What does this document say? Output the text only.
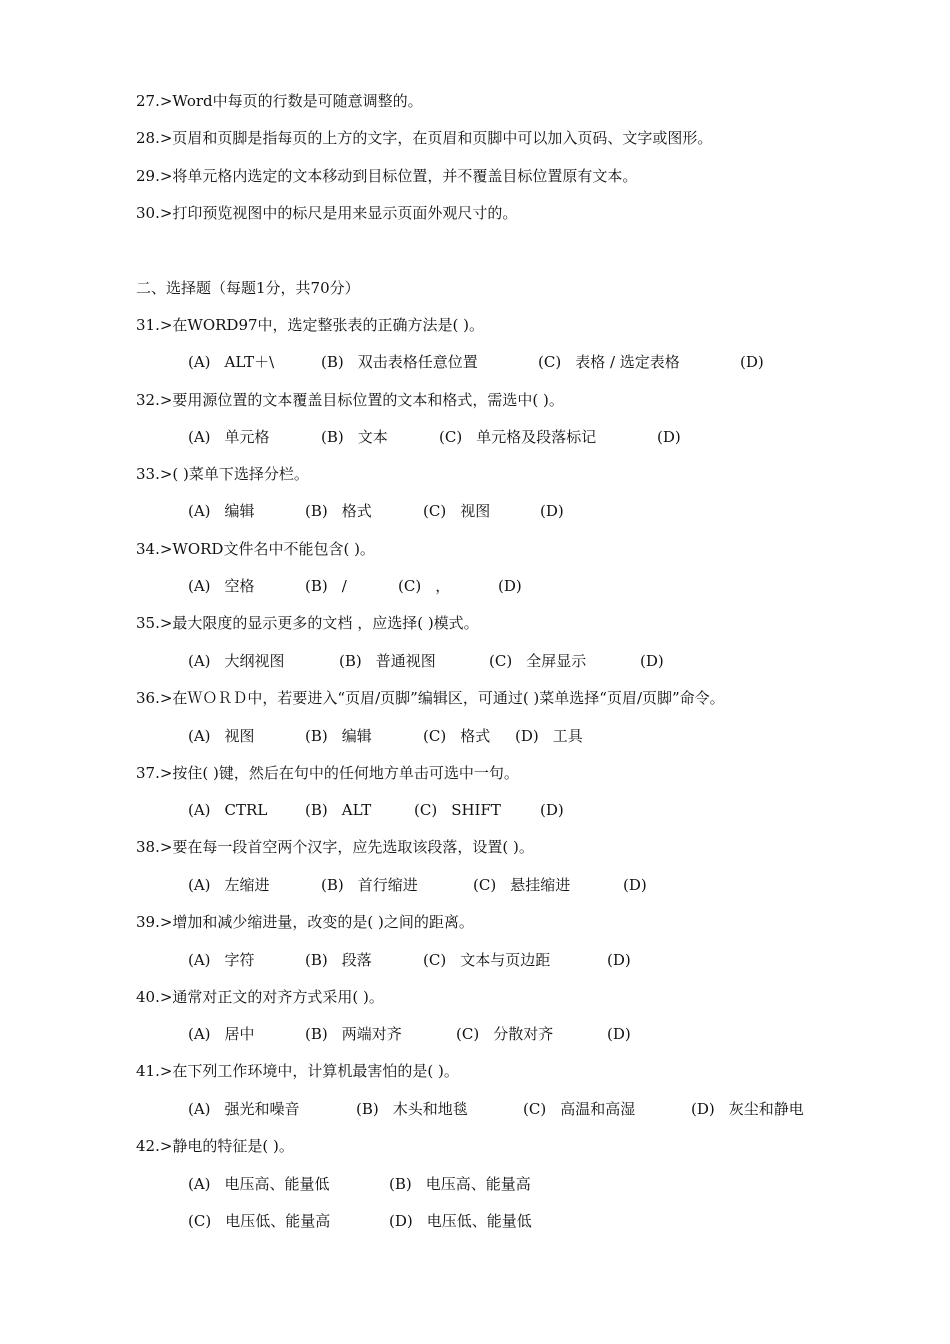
27.>Word中每页的行数是可随意调整的。
28.>页眉和页脚是指每页的上方的文字，在页眉和页脚中可以加入页码、文字或图形。
29.>将单元格内选定的文本移动到目标位置，并不覆盖目标位置原有文本。
30.>打印预览视图中的标尺是用来显示页面外观尺寸的。
二、选择题（每题1分，共70分）
31.>在WORD97中，选定整张表的正确方法是( )。
(A) ALT＋\	(B) 双击表格任意位置	(C) 表格 / 选定表格	(D)
32.>要用源位置的文本覆盖目标位置的文本和格式，需选中( )。
(A) 单元格	(B) 文本	(C) 单元格及段落标记	(D)
33.>( )菜单下选择分栏。
(A) 编辑	(B) 格式	(C) 视图	(D)
34.>WORD文件名中不能包含( )。
(A) 空格	(B) /	(C) ，	(D)
35.>最大限度的显示更多的文档 ，应选择( )模式。
(A) 大纲视图	(B) 普通视图	(C) 全屏显示	(D)
36.>在ＷＯＲＤ中，若要进入“页眉/页脚”编辑区，可通过( )菜单选择“页眉/页脚”命令。
(A) 视图	(B) 编辑	(C) 格式 (D) 工具
37.>按住( )键，然后在句中的任何地方单击可选中一句。
(A) CTRL	(B) ALT	(C) SHIFT	(D)
38.>要在每一段首空两个汉字，应先选取该段落，设置( )。
(A) 左缩进	(B) 首行缩进	(C) 悬挂缩进	(D)
39.>增加和减少缩进量，改变的是( )之间的距离。
(A) 字符	(B) 段落	(C) 文本与页边距	(D)
40.>通常对正文的对齐方式采用( )。
(A) 居中	(B) 两端对齐	(C) 分散对齐	(D)
41.>在下列工作环境中，计算机最害怕的是( )。
(A) 强光和噪音	(B) 木头和地毯	(C) 高温和高湿	(D) 灰尘和静电
42.>静电的特征是( )。
(A) 电压高、能量低	(B) 电压高、能量高
(C) 电压低、能量高	(D) 电压低、能量低
